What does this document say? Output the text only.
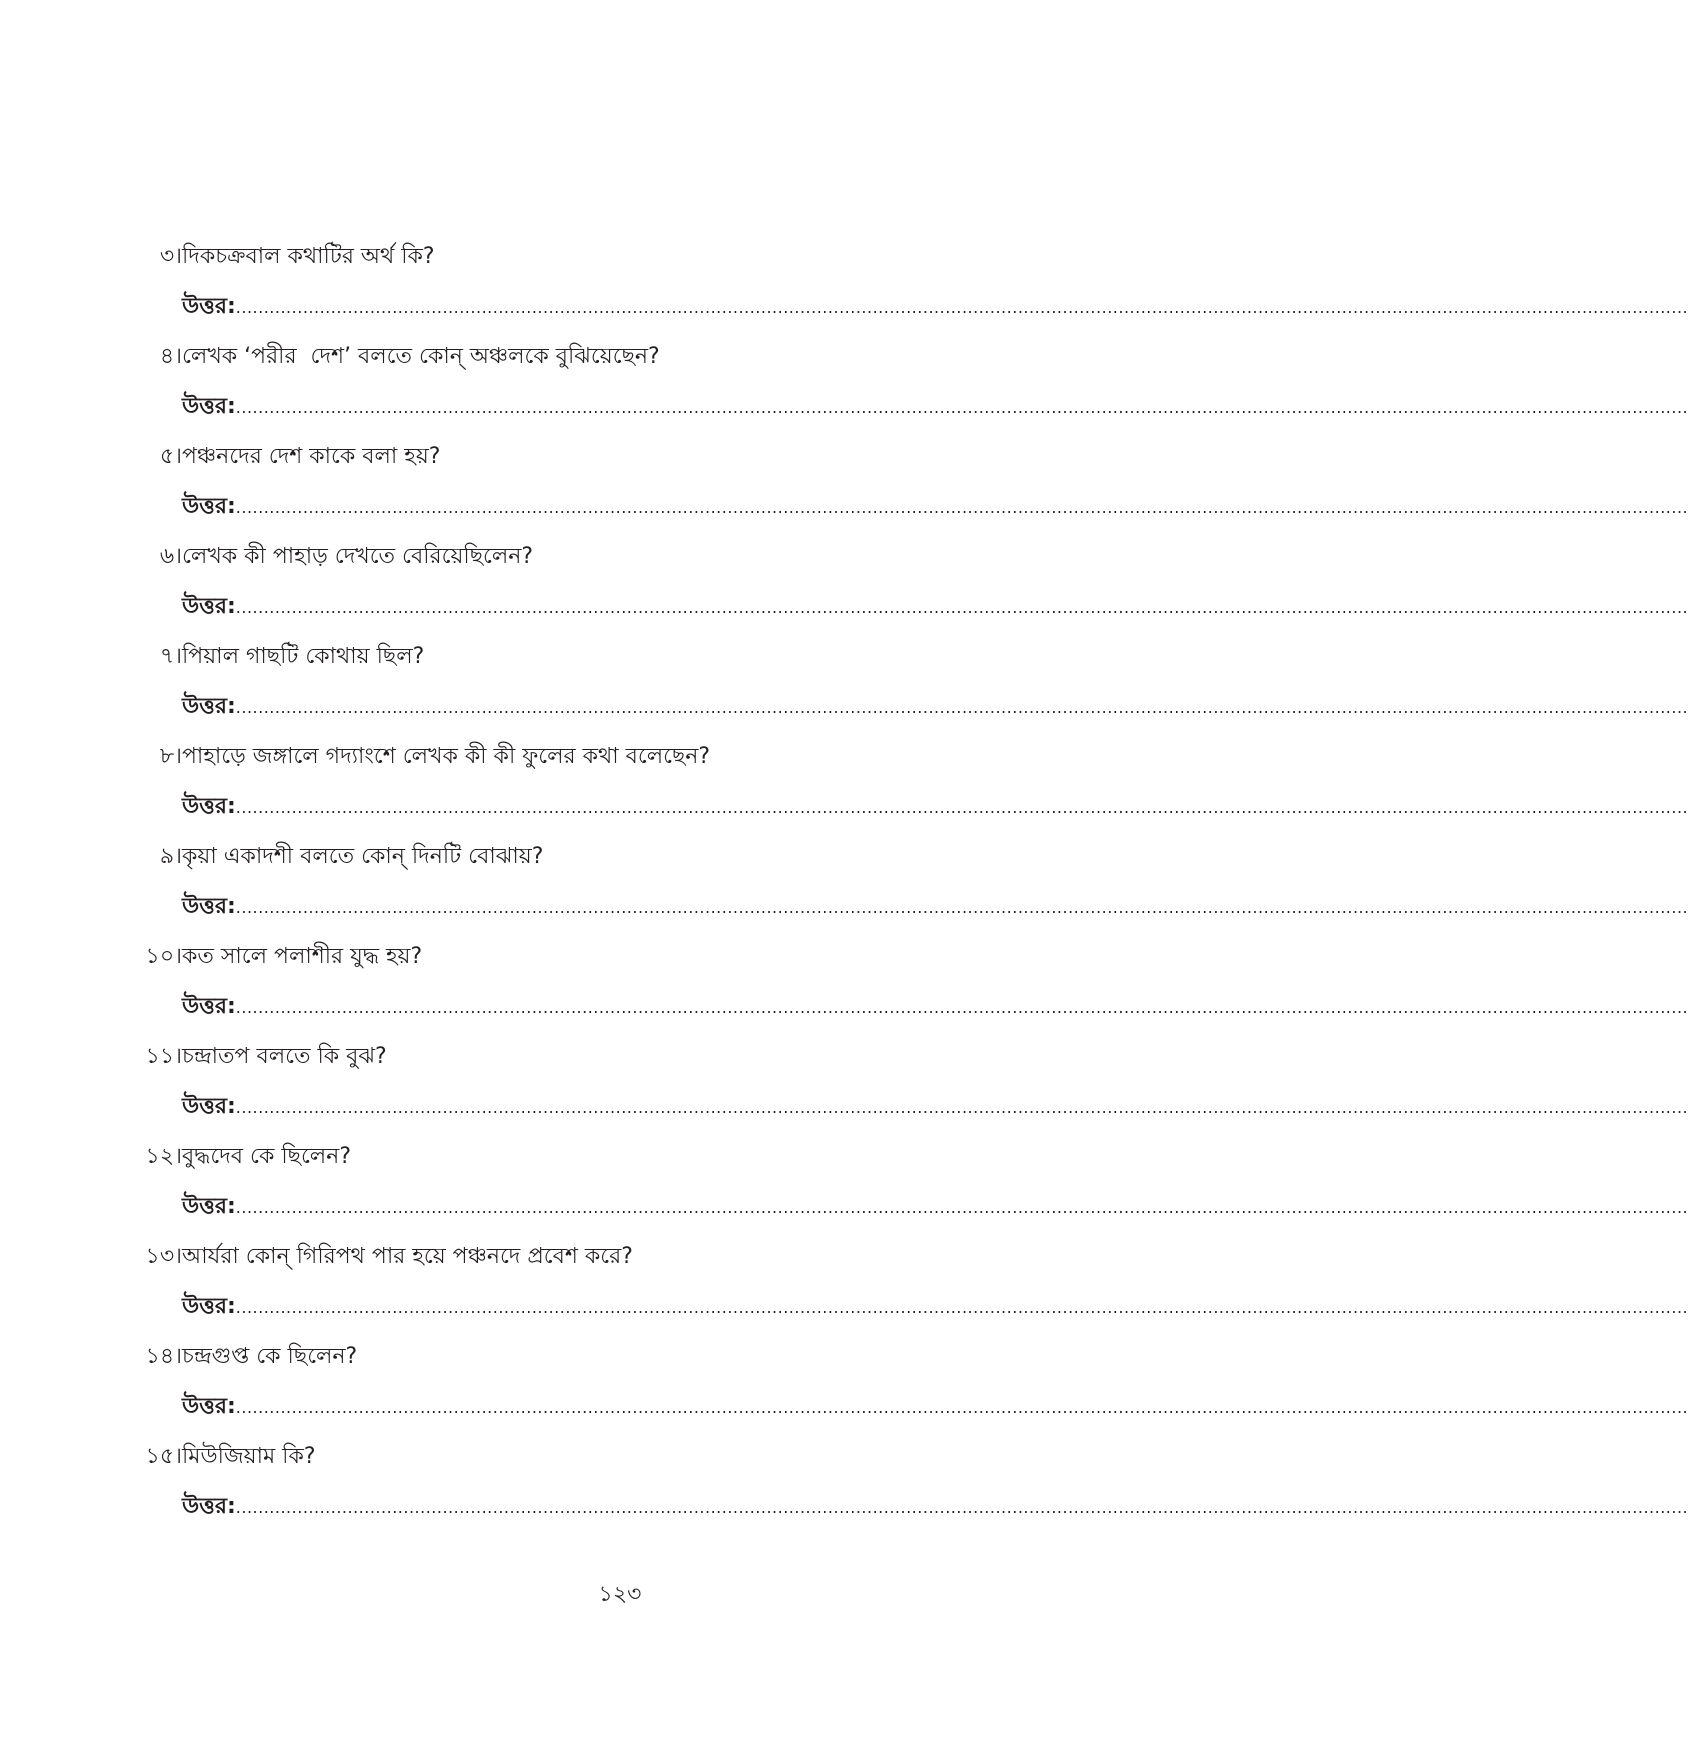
৩। দিকচক্রবাল কথাটির অর্থ কি?
উত্তর: ....................................................................................................................................................................................................................................................................
৪। লেখক ‘পরীর  দেশ’ বলতে কোন্ অঞ্চলকে বুঝিয়েছেন?
উত্তর: ....................................................................................................................................................................................................................................................................
৫। পঞ্চনদের দেশ কাকে বলা হয়?
উত্তর: ....................................................................................................................................................................................................................................................................
৬। লেখক কী পাহাড় দেখতে বেরিয়েছিলেন?
উত্তর: ....................................................................................................................................................................................................................................................................
৭। পিয়াল গাছটি কোথায় ছিল?
উত্তর: ....................................................................................................................................................................................................................................................................
৮। পাহাড়ে জঙ্গালে গদ্যাংশে লেখক কী কী ফুলের কথা বলেছেন?
উত্তর: ....................................................................................................................................................................................................................................................................
৯। কৃয়া একাদশী বলতে কোন্ দিনটি বোঝায়?
উত্তর: ....................................................................................................................................................................................................................................................................
১০। কত সালে পলাশীর যুদ্ধ হয়?
উত্তর: ....................................................................................................................................................................................................................................................................
১১। চন্দ্রাতপ বলতে কি বুঝ?
উত্তর: ....................................................................................................................................................................................................................................................................
১২। বুদ্ধদেব কে ছিলেন?
উত্তর: ....................................................................................................................................................................................................................................................................
১৩। আর্যরা কোন্ গিরিপথ পার হয়ে পঞ্চনদে প্রবেশ করে?
উত্তর: ....................................................................................................................................................................................................................................................................
১৪। চন্দ্রগুপ্ত কে ছিলেন?
উত্তর: ....................................................................................................................................................................................................................................................................
১৫। মিউজিয়াম কি?
উত্তর: ....................................................................................................................................................................................................................................................................
১২৩
